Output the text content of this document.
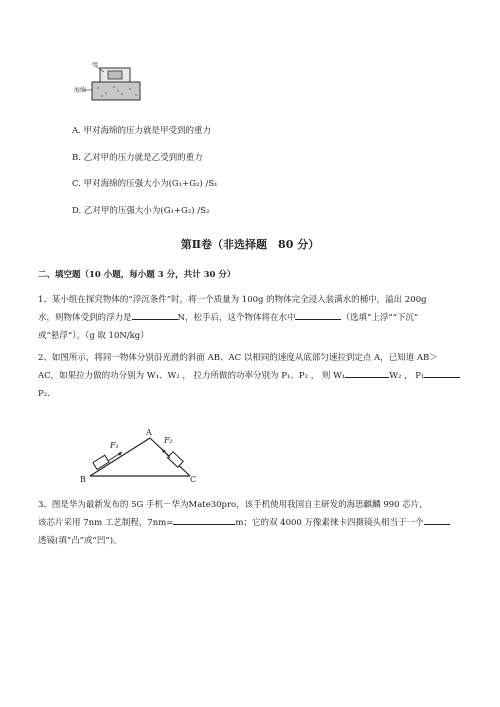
甲
海绵
A. 甲对海绵的压力就是甲受到的重力
B. 乙对甲的压力就是乙受到的重力
C. 甲对海绵的压强大小为(G₁+G₂) /S₁
D. 乙对甲的压强大小为(G₁+G₂) /S₂
第Ⅱ卷（非选择题　80 分）
二、填空题（10 小题，每小题 3 分，共计 30 分）
1、某小组在探究物体的“浮沉条件”时，将一个质量为 100g 的物体完全浸入装满水的桶中，溢出 200g
水，则物体受到的浮力是	N，松手后，这个物体将在水中	（选填“上浮”“下沉”
或“悬浮”）。（g 取 10N/kg）
2、如图所示，将同一物体分别沿光滑的斜面 AB、AC 以相同的速度从底部匀速拉到定点 A，已知道 AB＞
AC，如果拉力做的功分别为 W₁、W₂ ， 拉力所做的功率分别为 P₁、P₂ ， 则 W₁	W₂ ， P₁
P₂.
B
A
C
F₁
F₂
3、图是华为最新发布的 5G 手机－华为Mate30pro，该手机使用我国自主研发的海思麒麟 990 芯片，
该芯片采用 7nm 工艺制程，7nm=	m；它的双 4000 万像素徕卡四摄镜头相当于一个
透镜(填“凸”或“凹”)。
